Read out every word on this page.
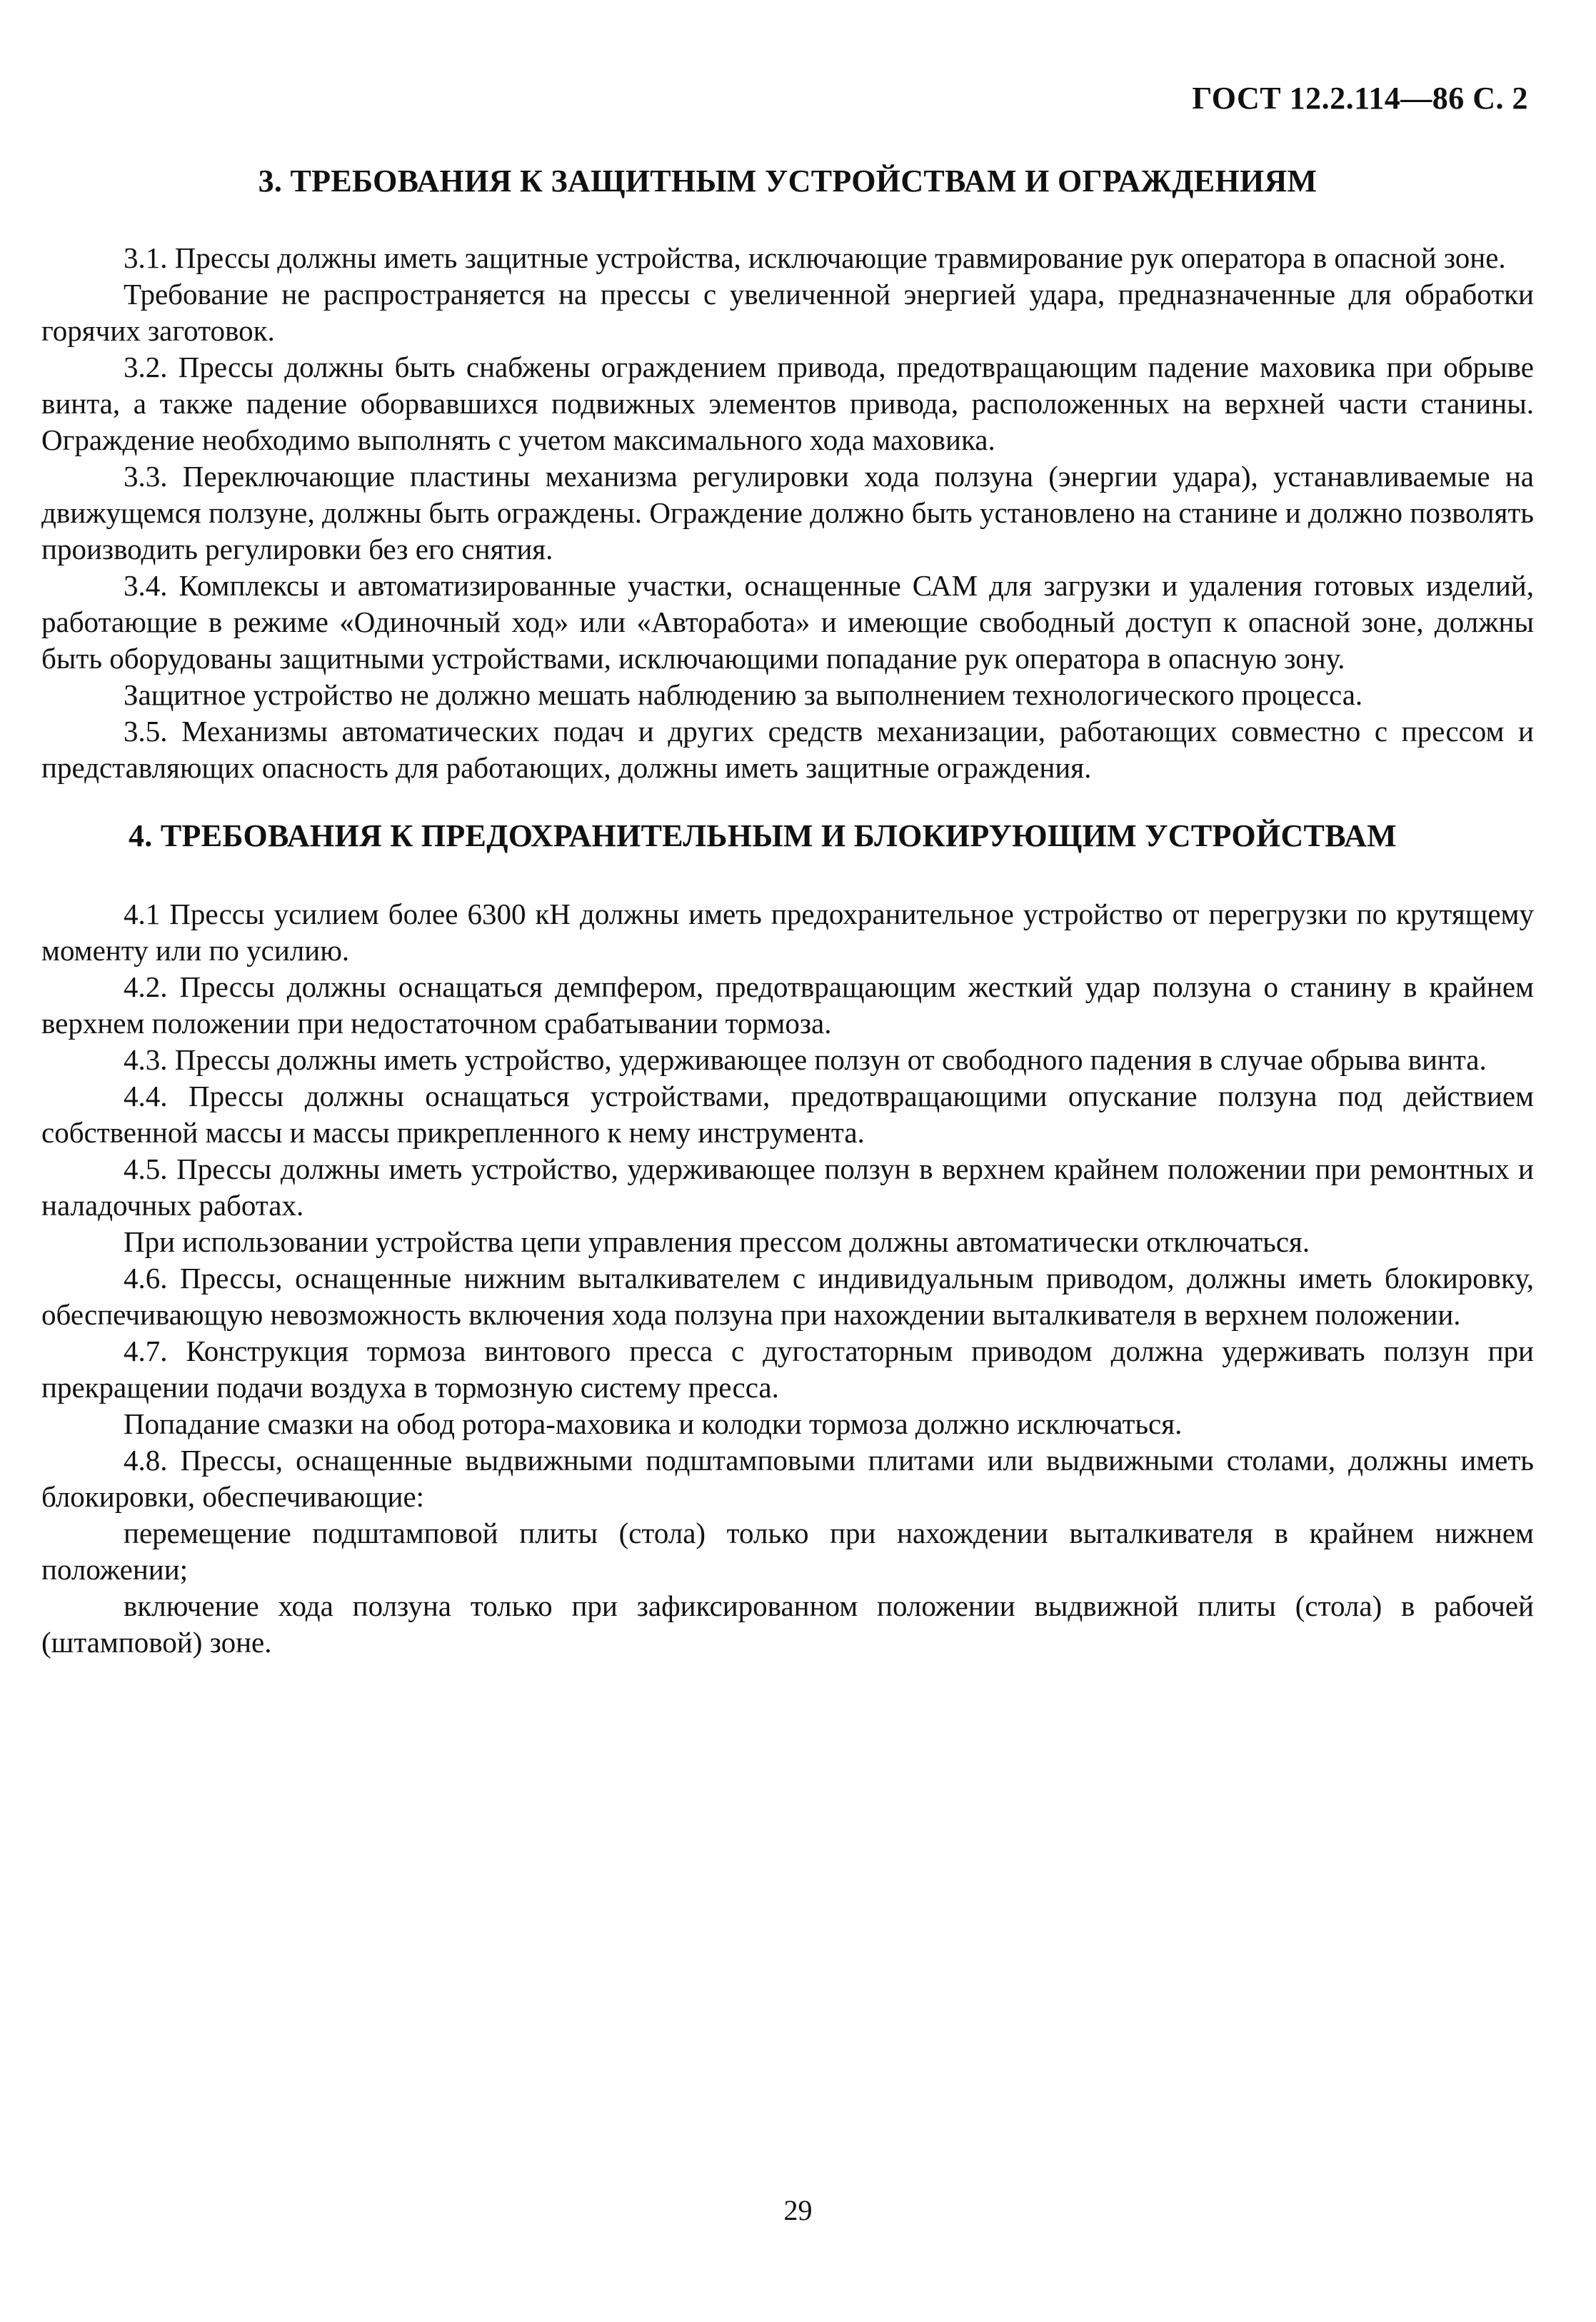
ГОСТ 12.2.114—86 С. 2
3. ТРЕБОВАНИЯ К ЗАЩИТНЫМ УСТРОЙСТВАМ И ОГРАЖДЕНИЯМ

3.1. Прессы должны иметь защитные устройства, исключающие травмирование рук оператора в опасной зоне.

Требование не распространяется на прессы с увеличенной энергией удара, предназначенные для обработки горячих заготовок.

3.2. Прессы должны быть снабжены ограждением привода, предотвращающим падение маховика при обрыве винта, а также падение оборвавшихся подвижных элементов привода, расположенных на верхней части станины. Ограждение необходимо выполнять с учетом максимального хода маховика.

3.3. Переключающие пластины механизма регулировки хода ползуна (энергии удара), устанавливаемые на движущемся ползуне, должны быть ограждены. Ограждение должно быть установлено на станине и должно позволять производить регулировки без его снятия.

3.4. Комплексы и автоматизированные участки, оснащенные САМ для загрузки и удаления готовых изделий, работающие в режиме «Одиночный ход» или «Авторабота» и имеющие свободный доступ к опасной зоне, должны быть оборудованы защитными устройствами, исключающими попадание рук оператора в опасную зону.

Защитное устройство не должно мешать наблюдению за выполнением технологического процесса.

3.5. Механизмы автоматических подач и других средств механизации, работающих совместно с прессом и представляющих опасность для работающих, должны иметь защитные ограждения.

4. ТРЕБОВАНИЯ К ПРЕДОХРАНИТЕЛЬНЫМ И БЛОКИРУЮЩИМ УСТРОЙСТВАМ

4.1 Прессы усилием более 6300 кН должны иметь предохранительное устройство от перегрузки по крутящему моменту или по усилию.

4.2. Прессы должны оснащаться демпфером, предотвращающим жесткий удар ползуна о станину в крайнем верхнем положении при недостаточном срабатывании тормоза.

4.3. Прессы должны иметь устройство, удерживающее ползун от свободного падения в случае обрыва винта.

4.4. Прессы должны оснащаться устройствами, предотвращающими опускание ползуна под действием собственной массы и массы прикрепленного к нему инструмента.

4.5. Прессы должны иметь устройство, удерживающее ползун в верхнем крайнем положении при ремонтных и наладочных работах.

При использовании устройства цепи управления прессом должны автоматически отключаться.

4.6. Прессы, оснащенные нижним выталкивателем с индивидуальным приводом, должны иметь блокировку, обеспечивающую невозможность включения хода ползуна при нахождении выталкивателя в верхнем положении.

4.7. Конструкция тормоза винтового пресса с дугостаторным приводом должна удерживать ползун при прекращении подачи воздуха в тормозную систему пресса.

Попадание смазки на обод ротора-маховика и колодки тормоза должно исключаться.

4.8. Прессы, оснащенные выдвижными подштамповыми плитами или выдвижными столами, должны иметь блокировки, обеспечивающие:

перемещение подштамповой плиты (стола) только при нахождении выталкивателя в крайнем нижнем положении;

включение хода ползуна только при зафиксированном положении выдвижной плиты (стола) в рабочей (штамповой) зоне.

29
